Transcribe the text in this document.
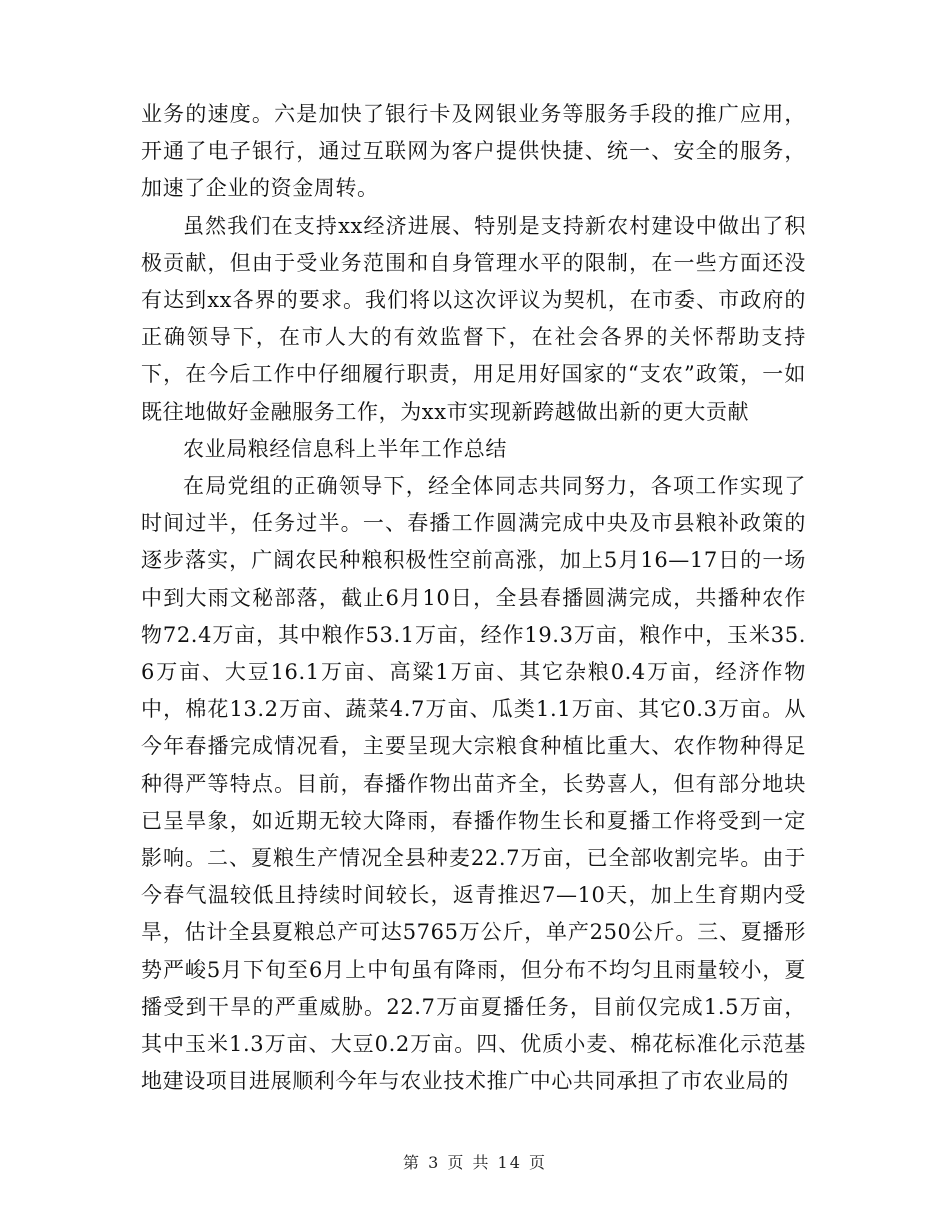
业务的速度。六是加快了银行卡及网银业务等服务手段的推广应用，开通了电子银行，通过互联网为客户提供快捷、统一、安全的服务，加速了企业的资金周转。

虽然我们在支持xx经济进展、特别是支持新农村建设中做出了积极贡献，但由于受业务范围和自身管理水平的限制，在一些方面还没有达到xx各界的要求。我们将以这次评议为契机，在市委、市政府的正确领导下，在市人大的有效监督下，在社会各界的关怀帮助支持下，在今后工作中仔细履行职责，用足用好国家的“支农”政策，一如既往地做好金融服务工作，为xx市实现新跨越做出新的更大贡献

农业局粮经信息科上半年工作总结

在局党组的正确领导下，经全体同志共同努力，各项工作实现了时间过半，任务过半。一、春播工作圆满完成中央及市县粮补政策的逐步落实，广阔农民种粮积极性空前高涨，加上5月16—17日的一场中到大雨文秘部落，截止6月10日，全县春播圆满完成，共播种农作物72.4万亩，其中粮作53.1万亩，经作19.3万亩，粮作中，玉米35.6万亩、大豆16.1万亩、高粱1万亩、其它杂粮0.4万亩，经济作物中，棉花13.2万亩、蔬菜4.7万亩、瓜类1.1万亩、其它0.3万亩。从今年春播完成情况看，主要呈现大宗粮食种植比重大、农作物种得足种得严等特点。目前，春播作物出苗齐全，长势喜人，但有部分地块已呈旱象，如近期无较大降雨，春播作物生长和夏播工作将受到一定影响。二、夏粮生产情况全县种麦22.7万亩，已全部收割完毕。由于今春气温较低且持续时间较长，返青推迟7—10天，加上生育期内受旱，估计全县夏粮总产可达5765万公斤，单产250公斤。三、夏播形势严峻5月下旬至6月上中旬虽有降雨，但分布不均匀且雨量较小，夏播受到干旱的严重威胁。22.7万亩夏播任务，目前仅完成1.5万亩，其中玉米1.3万亩、大豆0.2万亩。四、优质小麦、棉花标准化示范基地建设项目进展顺利今年与农业技术推广中心共同承担了市农业局的

第 3 页 共 14 页
